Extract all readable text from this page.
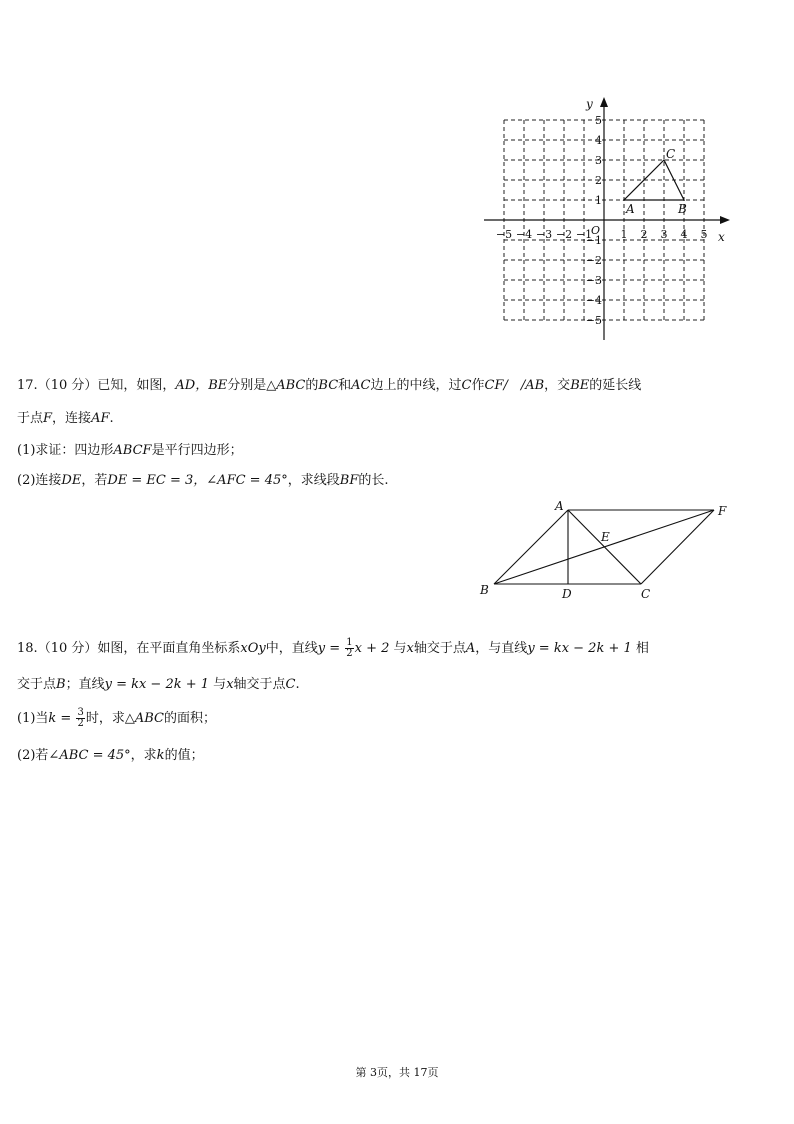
x
y
O
−5 −4 −3 −2 −1	1 2 3 4 5
5
4
3
2
1
−1
−2
−3
−4
−5
A	B
C
17.（10 分）已知，如图，AD，BE分别是△ABC的BC和AC边上的中线，过C作CF/　/AB，交BE的延长线
于点F，连接AF.
(1)求证：四边形ABCF是平行四边形；
(2)连接DE，若DE = EC = 3，∠AFC = 45°，求线段BF的长.
A
B	C
D
E
F
18.（10 分）如图，在平面直角坐标系xOy中，直线$y = \frac{1}{2}$ x + 2 与x轴交于点A，与直线y = kx − 2k + 1 相
交于点B；直线y = kx − 2k + 1 与x轴交于点C.
(1)当$k = \frac{3}{2}$ 时，求△ABC的面积；
(2)若∠ABC = 45°，求k的值；
第 3页，共 17页
